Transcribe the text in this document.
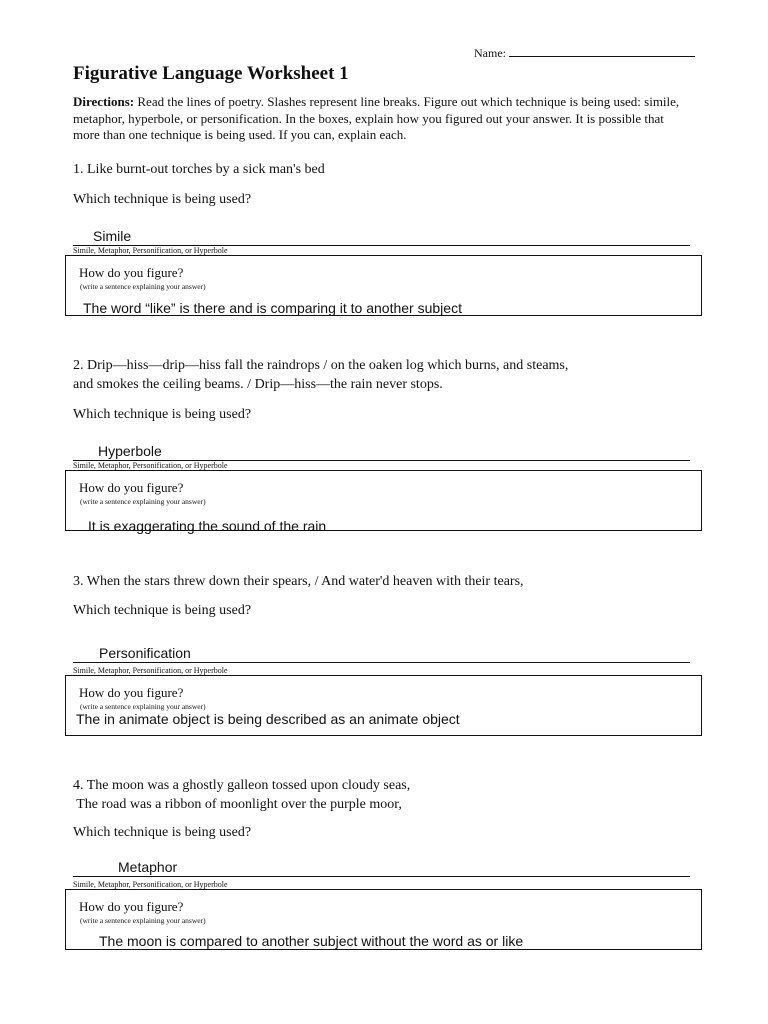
Name:
Figurative Language Worksheet 1
Directions: Read the lines of poetry. Slashes represent line breaks. Figure out which technique is being used: simile, metaphor, hyperbole, or personification. In the boxes, explain how you figured out your answer. It is possible that more than one technique is being used. If you can, explain each.
1. Like burnt-out torches by a sick man's bed
Which technique is being used?
Simile
Simile, Metaphor, Personification, or Hyperbole
How do you figure?
(write a sentence explaining your answer)
The word “like” is there and is comparing it to another subject
2. Drip—hiss—drip—hiss fall the raindrops / on the oaken log which burns, and steams,
and smokes the ceiling beams. / Drip—hiss—the rain never stops.
Which technique is being used?
Hyperbole
Simile, Metaphor, Personification, or Hyperbole
How do you figure?
(write a sentence explaining your answer)
It is exaggerating the sound of the rain
3. When the stars threw down their spears, / And water'd heaven with their tears,
Which technique is being used?
Personification
Simile, Metaphor, Personification, or Hyperbole
How do you figure?
(write a sentence explaining your answer)
The in animate object is being described as an animate object
4. The moon was a ghostly galleon tossed upon cloudy seas,
The road was a ribbon of moonlight over the purple moor,
Which technique is being used?
Metaphor
Simile, Metaphor, Personification, or Hyperbole
How do you figure?
(write a sentence explaining your answer)
The moon is compared to another subject without the word as or like
